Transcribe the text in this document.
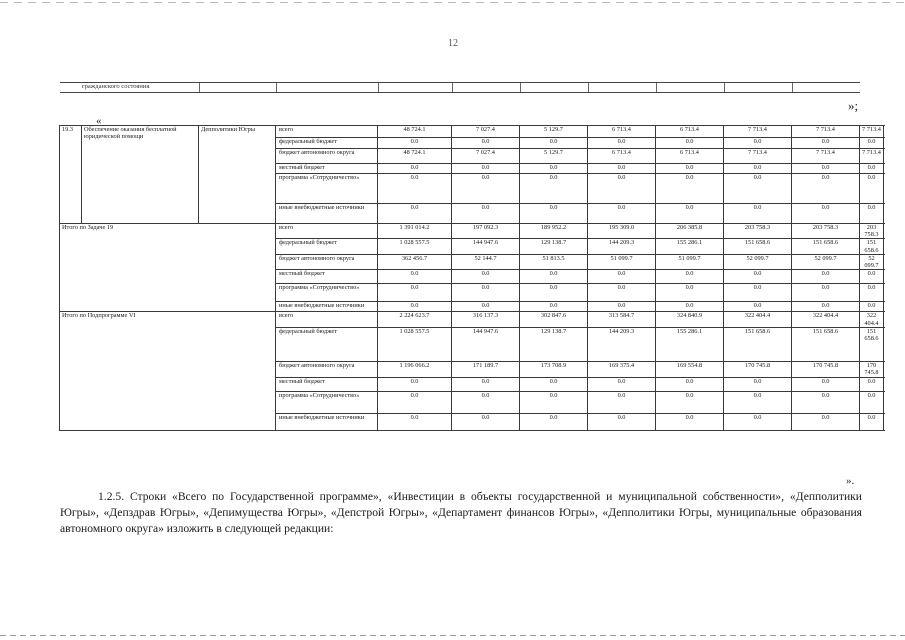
12
гражданского состояния
»;
«
19.3	Обеспечение оказания бесплатной юридической помощи	Депполитики Югры	всего	48 724.1	7 027.4	5 129.7	6 713.4	6 713.4	7 713.4	7 713.4	7 713.4
			федеральный бюджет	0.0	0.0	0.0	0.0	0.0	0.0	0.0	0.0
			бюджет автономного округа	48 724.1	7 027.4	5 129.7	6 713.4	6 713.4	7 713.4	7 713.4	7 713.4
			местный бюджет	0.0	0.0	0.0	0.0	0.0	0.0	0.0	0.0
			программа «Сотрудничество»	0.0	0.0	0.0	0.0	0.0	0.0	0.0	0.0
			иные внебюджетные источники	0.0	0.0	0.0	0.0	0.0	0.0	0.0	0.0
Итого по Задаче 19			всего	1 391 014.2	197 092.3	189 952.2	195 309.0	206 385.8	203 758.3	203 758.3	203 758.3
			федеральный бюджет	1 028 557.5	144 947.6	129 138.7	144 209.3	155 286.1	151 658.6	151 658.6	151 658.6
			бюджет автономного округа	362 456.7	52 144.7	51 813.5	51 099.7	51 099.7	52 099.7	52 099.7	52 099.7
			местный бюджет	0.0	0.0	0.0	0.0	0.0	0.0	0.0	0.0
			программа «Сотрудничество»	0.0	0.0	0.0	0.0	0.0	0.0	0.0	0.0
			иные внебюджетные источники	0.0	0.0	0.0	0.0	0.0	0.0	0.0	0.0
Итого по Подпрограмме VI			всего	2 224 623.7	316 137.3	302 847.6	313 584.7	324 840.9	322 404.4	322 404.4	322 404.4
			федеральный бюджет	1 028 557.5	144 947.6	129 138.7	144 209.3	155 286.1	151 658.6	151 658.6	151 658.6
			бюджет автономного округа	1 196 066.2	171 189.7	173 708.9	169 375.4	169 554.8	170 745.8	170 745.8	170 745.8
			местный бюджет	0.0	0.0	0.0	0.0	0.0	0.0	0.0	0.0
			программа «Сотрудничество»	0.0	0.0	0.0	0.0	0.0	0.0	0.0	0.0
			иные внебюджетные источники	0.0	0.0	0.0	0.0	0.0	0.0	0.0	0.0
».

1.2.5. Строки «Всего по Государственной программе», «Инвестиции в объекты государственной и муниципальной собственности», «Депполитики Югры», «Депздрав Югры», «Депимущества Югры», «Депстрой Югры», «Департамент финансов Югры», «Депполитики Югры, муниципальные образования автономного округа» изложить в следующей редакции:
